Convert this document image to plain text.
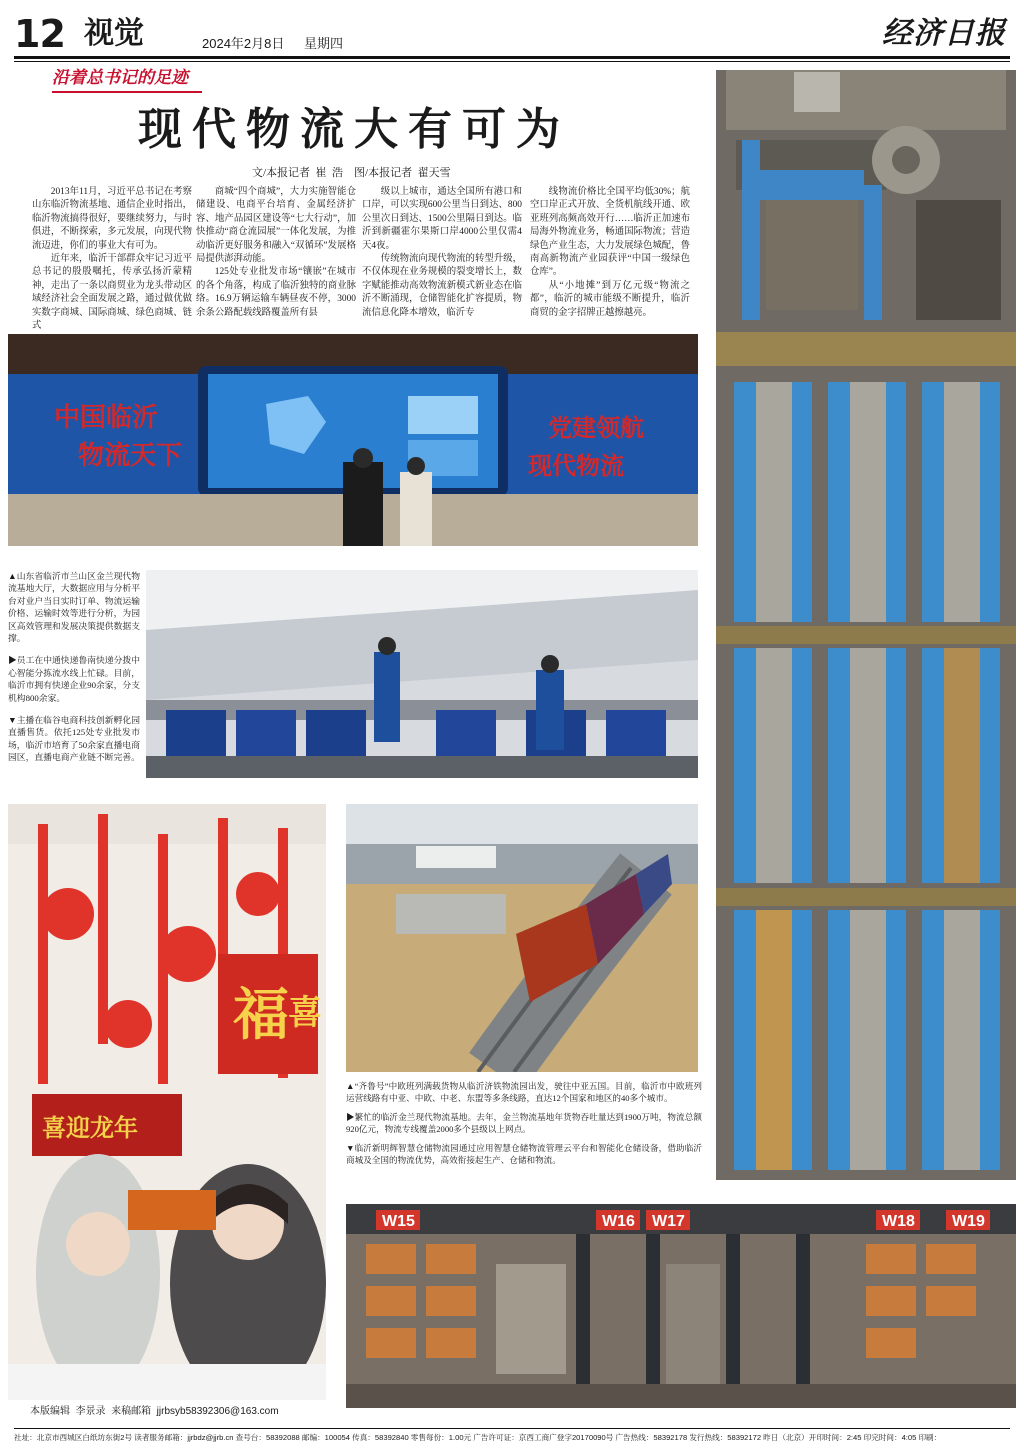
12 视觉	2024年2月8日 星期四	经济日报
沿着总书记的足迹
现代物流大有可为
文/本报记者  崔  浩    图/本报记者  翟天雪

2013年11月，习近平总书记在考察山东临沂物流基地、通信企业时指出，临沂物流搞得很好，要继续努力，与时俱进，不断探索，多元发展，向现代物流迈进，你们的事业大有可为。

近年来，临沂干部群众牢记习近平总书记的殷殷嘱托，传承弘扬沂蒙精神，走出了一条以商贸业为龙头带动区域经济社会全面发展之路，通过做优做实数字商城、国际商城、绿色商城、链式

商城“四个商城”，大力实施智能仓储建设、电商平台培育、金属经济扩容、地产品园区建设等“七大行动”，加快推动“商仓流园展”一体化发展，为推动临沂更好服务和融入“双循环”发展格局提供澎湃动能。

125处专业批发市场“镶嵌”在城市的各个角落，构成了临沂独特的商业脉络。16.9万辆运输车辆昼夜不停，3000余条公路配载线路覆盖所有县

级以上城市，通达全国所有港口和口岸，可以实现600公里当日到达、800公里次日到达、1500公里隔日到达。临沂到新疆霍尔果斯口岸4000公里仅需4天4夜。

传统物流向现代物流的转型升级，不仅体现在业务规模的裂变增长上，数字赋能推动高效物流新模式新业态在临沂不断涌现，仓储智能化扩容提质，物流信息化降本增效，临沂专

线物流价格比全国平均低30%；航空口岸正式开放、全货机航线开通、欧亚班列高频高效开行……临沂正加速布局海外物流业务，畅通国际物流；营造绿色产业生态，大力发展绿色城配，鲁南高新物流产业园获评“中国一级绿色仓库”。

从“小地摊”到万亿元级“物流之都”，临沂的城市能级不断提升，临沂商贸的金字招牌正越擦越亮。

中国临沂
物流天下
党建领航
现代物流

▲山东省临沂市兰山区金兰现代物流基地大厅，大数据应用与分析平台对业户当日实时订单、物流运输价格、运输时效等进行分析，为园区高效管理和发展决策提供数据支撑。

▶员工在中通快递鲁南快递分拨中心智能分拣流水线上忙碌。目前，临沂市拥有快递企业90余家，分支机构800余家。

▼主播在临谷电商科技创新孵化园直播售货。依托125处专业批发市场，临沂市培育了50余家直播电商园区，直播电商产业链不断完善。

福 喜
喜迎龙年

▲“齐鲁号”中欧班列满载货物从临沂济铁物流园出发，驶往中亚五国。目前，临沂市中欧班列运营线路有中亚、中欧、中老、东盟等多条线路，直达12个国家和地区的40多个城市。

▶繁忙的临沂金兰现代物流基地。去年，金兰物流基地年货物吞吐量达到1900万吨，物流总额920亿元，物流专线覆盖2000多个县级以上网点。

▼临沂新明辉智慧仓储物流园通过应用智慧仓储物流管理云平台和智能化仓储设备，借助临沂商城及全国的物流优势，高效衔接起生产、仓储和物流。

W15	W16 W17	W18 W19
本版编辑  李景录  来稿邮箱  jjrbsyb58392306@163.com
社址：北京市西城区白纸坊东街2号 读者服务邮箱：jjrbdz@jjrb.cn 查号台：58392088 邮编：100054 传真：58392840 零售每份：1.00元 广告许可证：京西工商广登字20170090号 广告热线：58392178 发行热线：58392172 昨日（北京）开印时间：2:45 印完时间：4:05 印刷：
